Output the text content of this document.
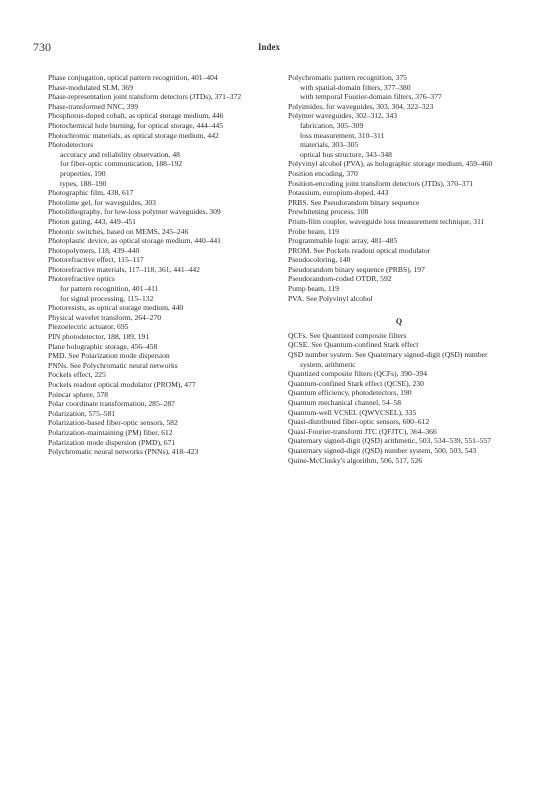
730	Index

Phase conjugation, optical pattern recognition, 401–404

Phase-modulated SLM, 369

Phase-representation joint transform detectors (JTDs), 371–372

Phase-transformed NNC, 399

Phosphorus-doped cobalt, as optical storage medium, 446

Photochemical hole burning, for optical storage, 444–445

Photochromic materials, as optical storage medium, 442

Photodetectors

accuracy and reliability observation, 48

for fiber-optic communication, 188–192

properties, 190

types, 188–190

Photographic film, 438, 617

Photolime gel, for waveguides, 303

Photolithography, for low-loss polymer waveguides, 309

Photon gating, 443, 449–451

Photonic switches, based on MEMS, 245–246

Photoplastic device, as optical storage medium, 440–441

Photopolymers, 118, 439–440

Photorefractive effect, 115–117

Photorefractive materials, 117–118, 361, 441–442

Photorefractive optics

for pattern recognition, 401–411

for signal processing, 115–132

Photoresists, as optical storage medium, 440

Physical wavelet transform, 264–270

Piezoelectric actuator, 695

PIN photodetector, 188, 189, 191

Plane holographic storage, 456–458

PMD. See Polarization mode dispersion

PNNs. See Polychromatic neural networks

Pockels effect, 225

Pockels readout optical modulator (PROM), 477

Poincar sphere, 578

Polar coordinate transformation, 285–287

Polarization, 575–581

Polarization-based fiber-optic sensors, 582

Polarization-maintaining (PM) fiber, 612

Polarization mode dispersion (PMD), 671

Polychromatic neural networks (PNNs), 418–423

Polychromatic pattern recognition, 375

with spatial-domain filters, 377–380

with temporal Fourier-domain filters, 376–377

Polyimides, for waveguides, 303, 304, 322–323

Polymer waveguides, 302–312, 343

fabrication, 305–309

loss measurement, 310–311

materials, 303–305

optical bus structure, 343–348

Polyvinyl alcohol (PVA), as holographic storage medium, 459–460

Position encoding, 370

Position-encoding joint transform detectors (JTDs), 370–371

Potassium, europium-doped, 443

PRBS. See Pseudorandom binary sequence

Prewhitening process, 108

Prism-film coupler, waveguide loss measurement technique, 311

Probe beam, 119

Programmable logic array, 481–485

PROM. See Pockels readout optical modulator

Pseudocoloring, 140

Pseudorandom binary sequence (PRBS), 197

Pseudorandom-coded OTDR, 592

Pump beam, 119

PVA. See Polyvinyl alcohol

Q

QCFs. See Quantized composite filters

QCSE. See Quantum-confined Stark effect

QSD number system. See Quaternary signed-digit (QSD) number system, arithmetic

Quantized composite filters (QCFs), 390–394

Quantum-confined Stark effect (QCSE), 230

Quantum efficiency, photodetectors, 190

Quantum mechanical channel, 54–58

Quantum-well VCSEL (QWVCSEL), 335

Quasi-distributed fiber-optic sensors, 600–612

Quasi-Fourier-transform JTC (QFJTC), 364–366

Quaternary signed-digit (QSD) arithmetic, 503, 534–539, 551–557

Quaternary signed-digit (QSD) number system, 500, 503, 543

Quine-McClusky's algorithm, 506, 517, 526
